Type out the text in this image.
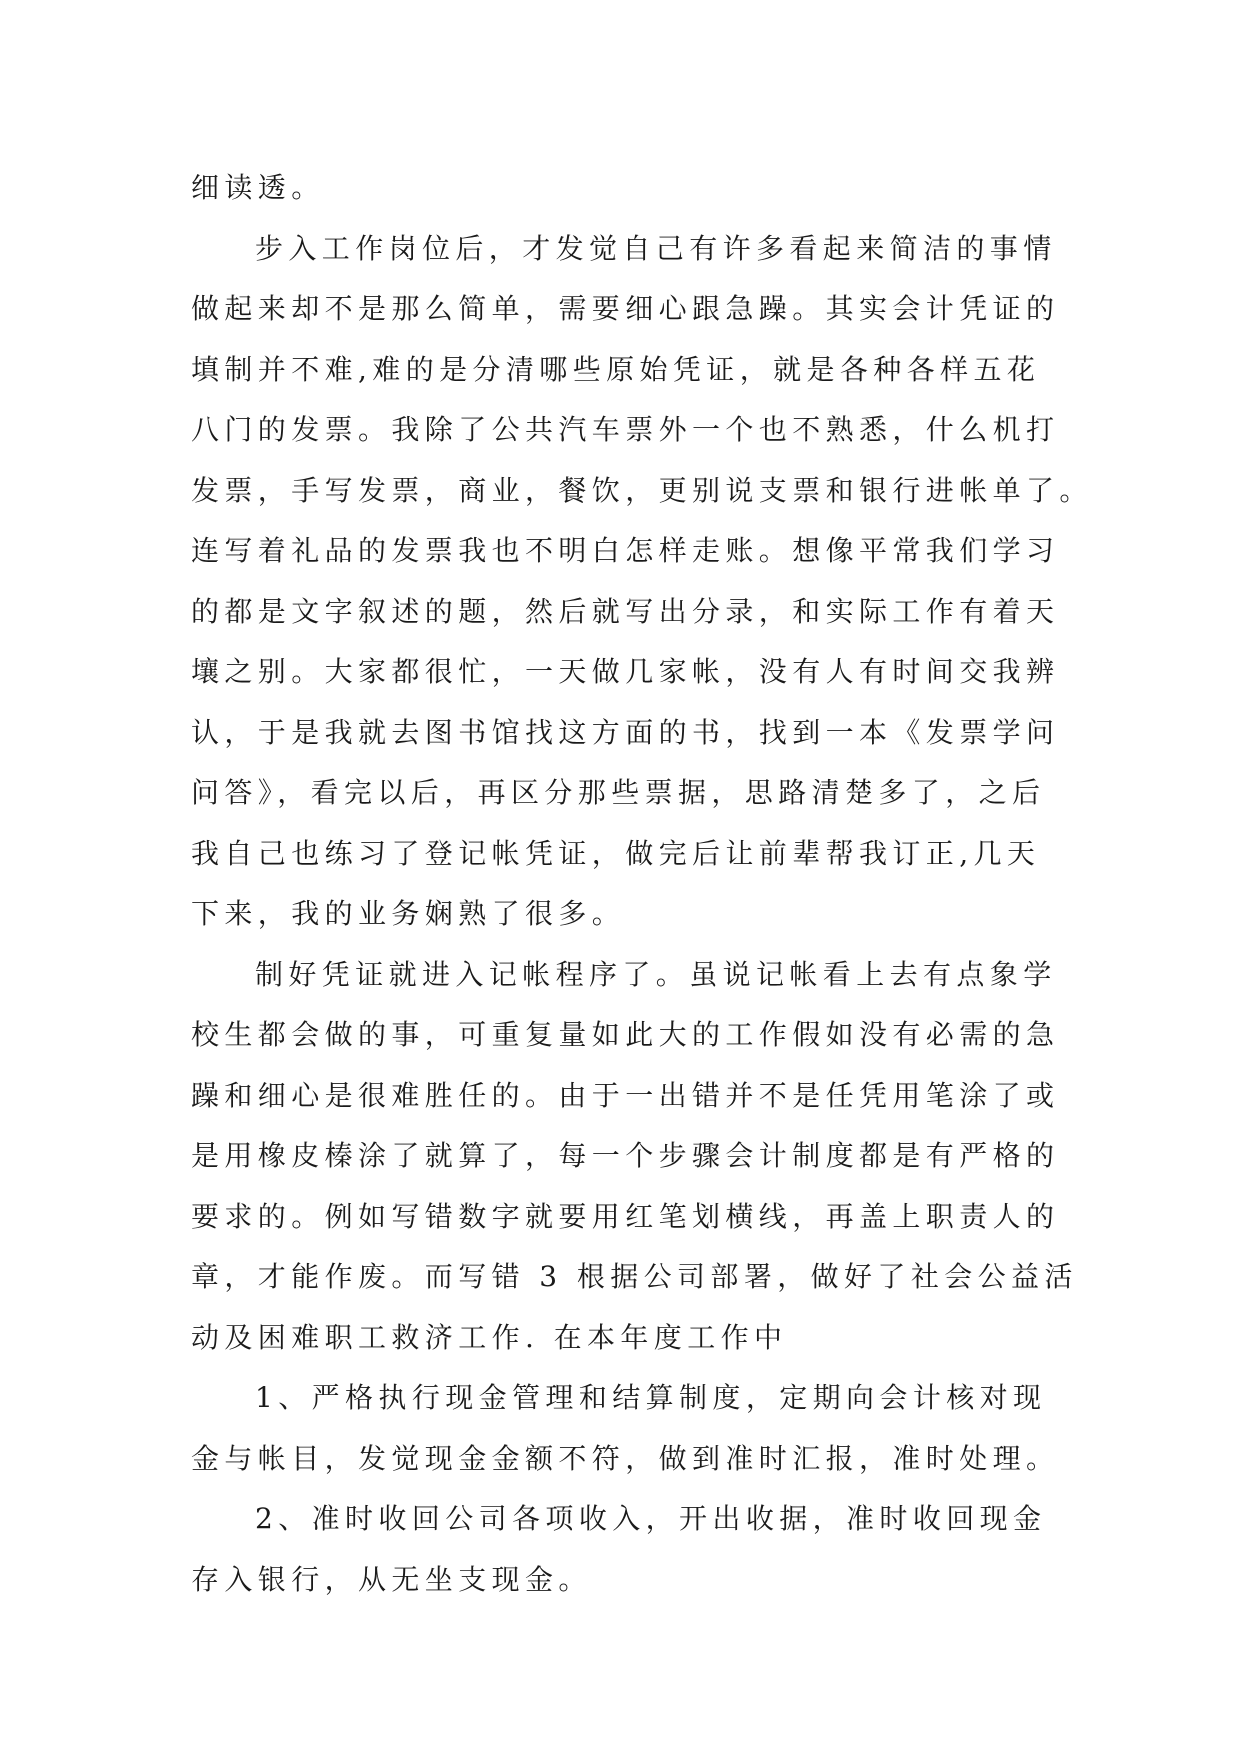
细读透。
步入工作岗位后，才发觉自己有许多看起来简洁的事情
做起来却不是那么简单，需要细心跟急躁。其实会计凭证的
填制并不难,难的是分清哪些原始凭证，就是各种各样五花
八门的发票。我除了公共汽车票外一个也不熟悉，什么机打
发票，手写发票，商业，餐饮，更别说支票和银行进帐单了。
连写着礼品的发票我也不明白怎样走账。想像平常我们学习
的都是文字叙述的题，然后就写出分录，和实际工作有着天
壤之别。大家都很忙，一天做几家帐，没有人有时间交我辨
认，于是我就去图书馆找这方面的书，找到一本《发票学问
问答》，看完以后，再区分那些票据，思路清楚多了，之后
我自己也练习了登记帐凭证，做完后让前辈帮我订正,几天
下来，我的业务娴熟了很多。
制好凭证就进入记帐程序了。虽说记帐看上去有点象学
校生都会做的事，可重复量如此大的工作假如没有必需的急
躁和细心是很难胜任的。由于一出错并不是任凭用笔涂了或
是用橡皮榛涂了就算了，每一个步骤会计制度都是有严格的
要求的。例如写错数字就要用红笔划横线，再盖上职责人的
章，才能作废。而写错 3 根据公司部署，做好了社会公益活
动及困难职工救济工作. 在本年度工作中
1、严格执行现金管理和结算制度，定期向会计核对现
金与帐目，发觉现金金额不符，做到准时汇报，准时处理。
2、准时收回公司各项收入，开出收据，准时收回现金
存入银行，从无坐支现金。
